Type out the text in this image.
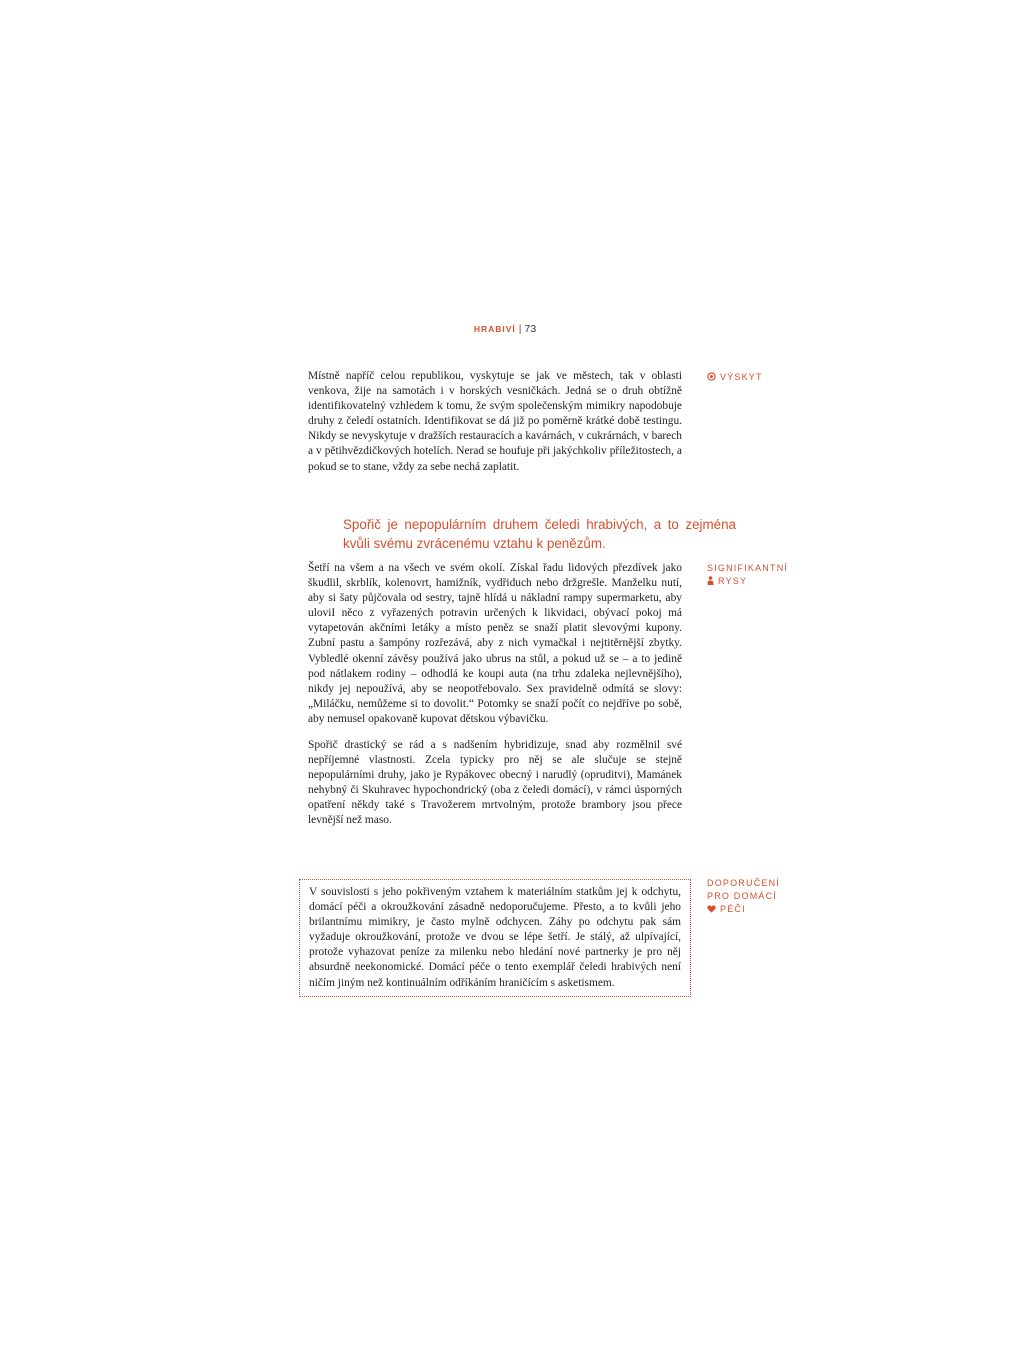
HRABIVÍ | 73

Místně napříč celou republikou, vyskytuje se jak ve městech, tak v oblasti venkova, žije na samotách i v horských vesničkách. Jedná se o druh obtížně identifikovatelný vzhledem k tomu, že svým společenským mimikry napodobuje druhy z čeledí ostatních. Identifikovat se dá již po poměrně krátké době testingu. Nikdy se nevyskytuje v dražších restauracích a kavárnách, v cukrárnách, v barech a v pětihvězdičkových hotelích. Nerad se houfuje při jakýchkoliv příležitostech, a pokud se to stane, vždy za sebe nechá zaplatit.

VÝSKYT

Spořič je nepopulárním druhem čeledi hrabivých, a to zejména kvůli svému zvrácenému vztahu k penězům.

Šetří na všem a na všech ve svém okolí. Získal řadu lidových přezdívek jako škudlil, skrblík, kolenovrt, hamižník, vydřiduch nebo držgrešle. Manželku nutí, aby si šaty půjčovala od sestry, tajně hlídá u nákladní rampy supermarketu, aby uloviI něco z vyřazených potravin určených k likvidaci, obývací pokoj má vytapetován akčními letáky a místo peněz se snaží platit slevovými kupony. Zubní pastu a šampóny rozřezává, aby z nich vymačkal i nejtitěrnější zbytky. Vybledlé okenní závěsy používá jako ubrus na stůl, a pokud už se – a to jedině pod nátlakem rodiny – odhodlá ke koupi auta (na trhu zdaleka nejlevnějšího), nikdy jej nepoužívá, aby se neopotřebovalo. Sex pravidelně odmítá se slovy: „Miláčku, nemůžeme si to dovolit.“ Potomky se snaží počít co nejdříve po sobě, aby nemusel opakovaně kupovat dětskou výbavičku.

Spořič drastický se rád a s nadšením hybridizuje, snad aby rozmělnil své nepříjemné vlastnosti. Zcela typicky pro něj se ale slučuje se stejně nepopulárními druhy, jako je Rypákovec obecný i narudlý (opruditvi), Mamánek nehybný či Skuhravec hypochondrický (oba z čeledi domácí), v rámci úsporných opatření někdy také s Travožerem mrtvolným, protože brambory jsou přece levnější než maso.

SIGNIFIKANTNÍ
RYSY

V souvislosti s jeho pokřiveným vztahem k materiálním statkům jej k odchytu, domácí péči a okroužkování zásadně nedoporučujeme. Přesto, a to kvůli jeho brilantnímu mimikry, je často mylně odchycen. Záhy po odchytu pak sám vyžaduje okroužkování, protože ve dvou se lépe šetří. Je stálý, až ulpívající, protože vyhazovat peníze za milenku nebo hledání nové partnerky je pro něj absurdně neekonomické. Domácí péče o tento exemplář čeledi hrabivých není ničím jiným než kontinuálním odříkáním hraničícím s asketismem.

DOPORUČENÍ
PRO DOMÁCÍ
PÉČI
